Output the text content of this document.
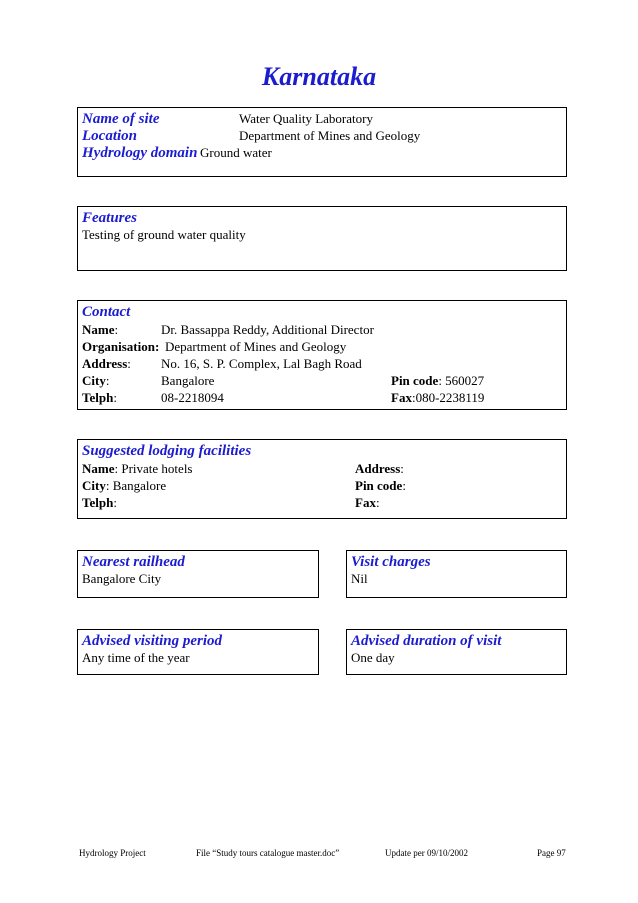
Karnataka
Name of site	Water Quality Laboratory
Location	Department of Mines and Geology
Hydrology domain Ground water
Features
Testing of ground water quality
Contact
Name:	Dr. Bassappa Reddy, Additional Director
Organisation: Department of Mines and Geology
Address: No. 16, S. P. Complex, Lal Bagh Road
City:	Bangalore	Pin code: 560027
Telph:	08-2218094	Fax:080-2238119
Suggested lodging facilities
Name: Private hotels	Address:
City: Bangalore	Pin code:
Telph:	Fax:
Nearest railhead
Bangalore City
Visit charges
Nil
Advised visiting period
Any time of the year
Advised duration of visit
One day
Hydrology Project	File “Study tours catalogue master.doc”	Update per 09/10/2002	Page 97
